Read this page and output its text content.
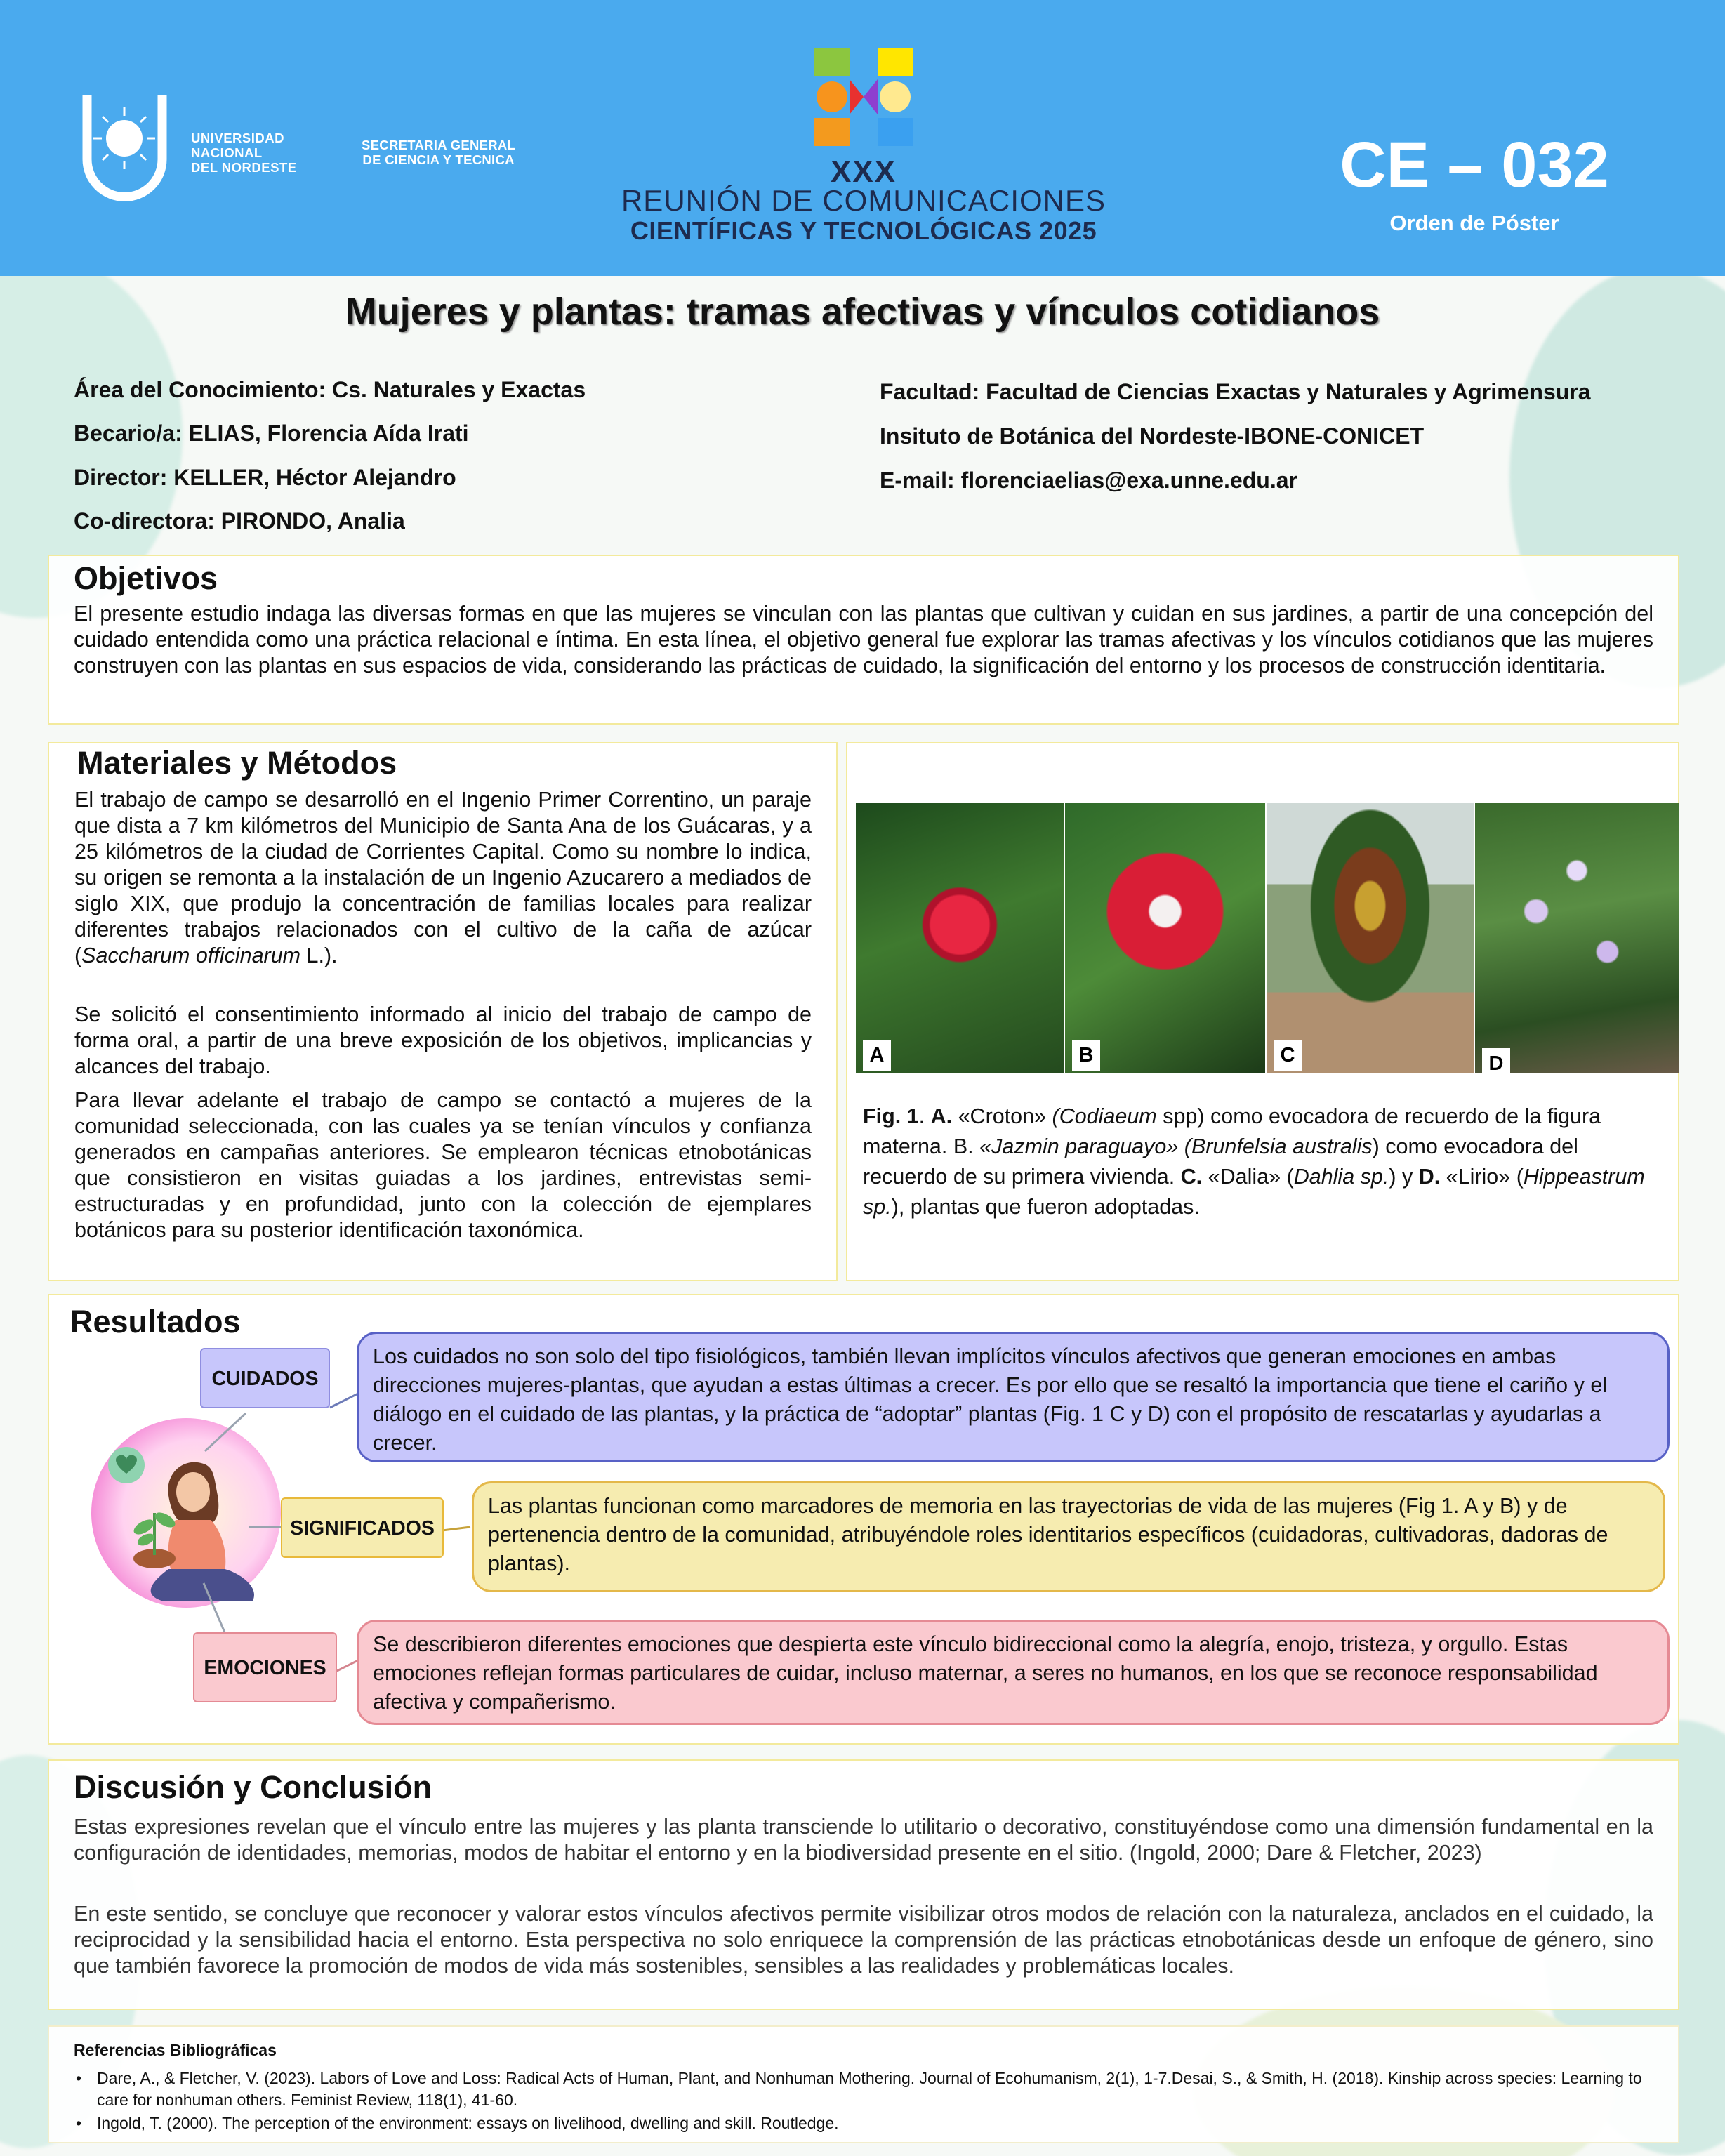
UNIVERSIDAD
NACIONAL
DEL NORDESTE
SECRETARIA GENERAL
DE CIENCIA Y TECNICA	XXX
REUNIÓN DE COMUNICACIONES
CIENTÍFICAS Y TECNOLÓGICAS 2025
CE – 032
Orden de Póster
Mujeres y plantas: tramas afectivas y vínculos cotidianos
Área del Conocimiento: Cs. Naturales y Exactas
Becario/a: ELIAS, Florencia Aída Irati
Director: KELLER, Héctor Alejandro
Co-directora: PIRONDO, Analia
Facultad: Facultad de Ciencias Exactas y Naturales y Agrimensura
Insituto de Botánica del Nordeste-IBONE-CONICET
E-mail: florenciaelias@exa.unne.edu.ar
Objetivos
El presente estudio indaga las diversas formas en que las mujeres se vinculan con las plantas que cultivan y cuidan en sus jardines, a partir de una concepción del cuidado entendida como una práctica relacional e íntima. En esta línea, el objetivo general fue explorar las tramas afectivas y los vínculos cotidianos que las mujeres construyen con las plantas en sus espacios de vida, considerando las prácticas de cuidado, la significación del entorno y los procesos de construcción identitaria.
Materiales y Métodos
El trabajo de campo se desarrolló en el Ingenio Primer Correntino, un paraje que dista a 7 km kilómetros del Municipio de Santa Ana de los Guácaras, y a 25 kilómetros de la ciudad de Corrientes Capital. Como su nombre lo indica, su origen se remonta a la instalación de un Ingenio Azucarero a mediados de siglo XIX, que produjo la concentración de familias locales para realizar diferentes trabajos relacionados con el cultivo de la caña de azúcar (Saccharum officinarum L.).
Se solicitó el consentimiento informado al inicio del trabajo de campo de forma oral, a partir de una breve exposición de los objetivos, implicancias y alcances del trabajo.
Para llevar adelante el trabajo de campo se contactó a mujeres de la comunidad seleccionada, con las cuales ya se tenían vínculos y confianza generados en campañas anteriores. Se emplearon técnicas etnobotánicas que consistieron en visitas guiadas a los jardines, entrevistas semi-estructuradas y en profundidad, junto con la colección de ejemplares botánicos para su posterior identificación taxonómica.
A	B	C	D
Fig. 1. A. «Croton» (Codiaeum spp) como evocadora de recuerdo de la figura materna. B. «Jazmin paraguayo» (Brunfelsia australis) como evocadora del recuerdo de su primera vivienda. C. «Dalia» (Dahlia sp.) y D. «Lirio» (Hippeastrum sp.), plantas que fueron adoptadas.
Resultados
CUIDADOS
Los cuidados no son solo del tipo fisiológicos, también llevan implícitos vínculos afectivos que generan emociones en ambas direcciones mujeres-plantas, que ayudan a estas últimas a crecer. Es por ello que se resaltó la importancia que tiene el cariño y el diálogo en el cuidado de las plantas, y la práctica de “adoptar” plantas (Fig. 1 C y D) con el propósito de rescatarlas y ayudarlas a crecer.
SIGNIFICADOS
Las plantas funcionan como marcadores de memoria en las trayectorias de vida de las mujeres (Fig 1. A y B) y de pertenencia dentro de la comunidad, atribuyéndole roles identitarios específicos (cuidadoras, cultivadoras, dadoras de plantas).
EMOCIONES
Se describieron diferentes emociones que despierta este vínculo bidireccional como la alegría, enojo, tristeza, y orgullo. Estas emociones reflejan formas particulares de cuidar, incluso maternar, a seres no humanos, en los que se reconoce responsabilidad afectiva y compañerismo.
Discusión y Conclusión
Estas expresiones revelan que el vínculo entre las mujeres y las planta transciende lo utilitario o decorativo, constituyéndose como una dimensión fundamental en la configuración de identidades, memorias, modos de habitar el entorno y en la biodiversidad presente en el sitio. (Ingold, 2000; Dare & Fletcher, 2023)
En este sentido, se concluye que reconocer y valorar estos vínculos afectivos permite visibilizar otros modos de relación con la naturaleza, anclados en el cuidado, la reciprocidad y la sensibilidad hacia el entorno. Esta perspectiva no solo enriquece la comprensión de las prácticas etnobotánicas desde un enfoque de género, sino que también favorece la promoción de modos de vida más sostenibles, sensibles a las realidades y problemáticas locales.
Referencias Bibliográficas
• Dare, A., & Fletcher, V. (2023). Labors of Love and Loss: Radical Acts of Human, Plant, and Nonhuman Mothering. Journal of Ecohumanism, 2(1), 1-7.Desai, S., & Smith, H. (2018). Kinship across species: Learning to care for nonhuman others. Feminist Review, 118(1), 41-60.
• Ingold, T. (2000). The perception of the environment: essays on livelihood, dwelling and skill. Routledge.
